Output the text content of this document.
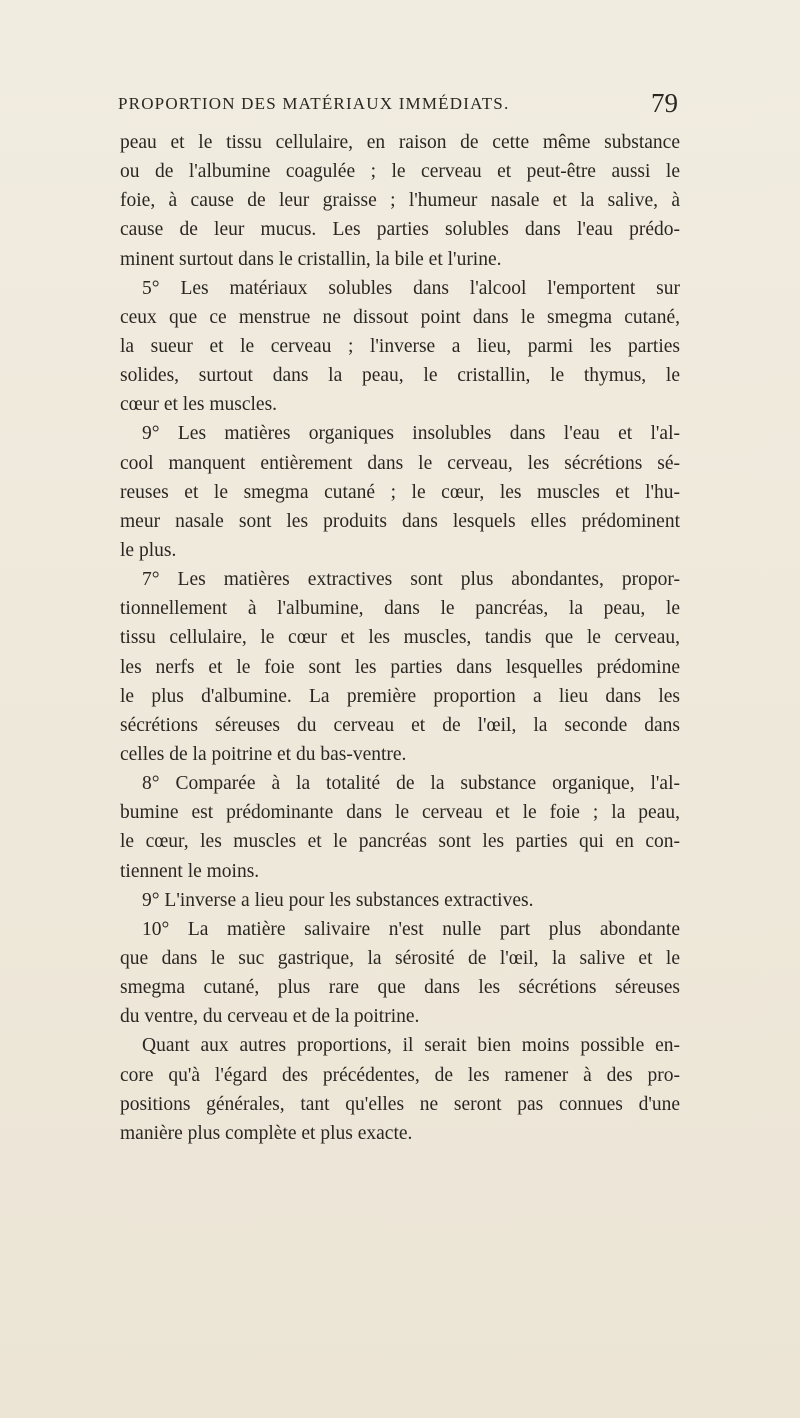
PROPORTION DES MATÉRIAUX IMMÉDIATS.	79
peau et le tissu cellulaire, en raison de cette même substance
ou de l'albumine coagulée ; le cerveau et peut-être aussi le
foie, à cause de leur graisse ; l'humeur nasale et la salive, à
cause de leur mucus. Les parties solubles dans l'eau prédo-
minent surtout dans le cristallin, la bile et l'urine.
5° Les matériaux solubles dans l'alcool l'emportent sur
ceux que ce menstrue ne dissout point dans le smegma cutané,
la sueur et le cerveau ; l'inverse a lieu, parmi les parties
solides, surtout dans la peau, le cristallin, le thymus, le
cœur et les muscles.
9° Les matières organiques insolubles dans l'eau et l'al-
cool manquent entièrement dans le cerveau, les sécrétions sé-
reuses et le smegma cutané ; le cœur, les muscles et l'hu-
meur nasale sont les produits dans lesquels elles prédominent
le plus.
7° Les matières extractives sont plus abondantes, propor-
tionnellement à l'albumine, dans le pancréas, la peau, le
tissu cellulaire, le cœur et les muscles, tandis que le cerveau,
les nerfs et le foie sont les parties dans lesquelles prédomine
le plus d'albumine. La première proportion a lieu dans les
sécrétions séreuses du cerveau et de l'œil, la seconde dans
celles de la poitrine et du bas-ventre.
8° Comparée à la totalité de la substance organique, l'al-
bumine est prédominante dans le cerveau et le foie ; la peau,
le cœur, les muscles et le pancréas sont les parties qui en con-
tiennent le moins.
9° L'inverse a lieu pour les substances extractives.
10° La matière salivaire n'est nulle part plus abondante
que dans le suc gastrique, la sérosité de l'œil, la salive et le
smegma cutané, plus rare que dans les sécrétions séreuses
du ventre, du cerveau et de la poitrine.
Quant aux autres proportions, il serait bien moins possible en-
core qu'à l'égard des précédentes, de les ramener à des pro-
positions générales, tant qu'elles ne seront pas connues d'une
manière plus complète et plus exacte.
